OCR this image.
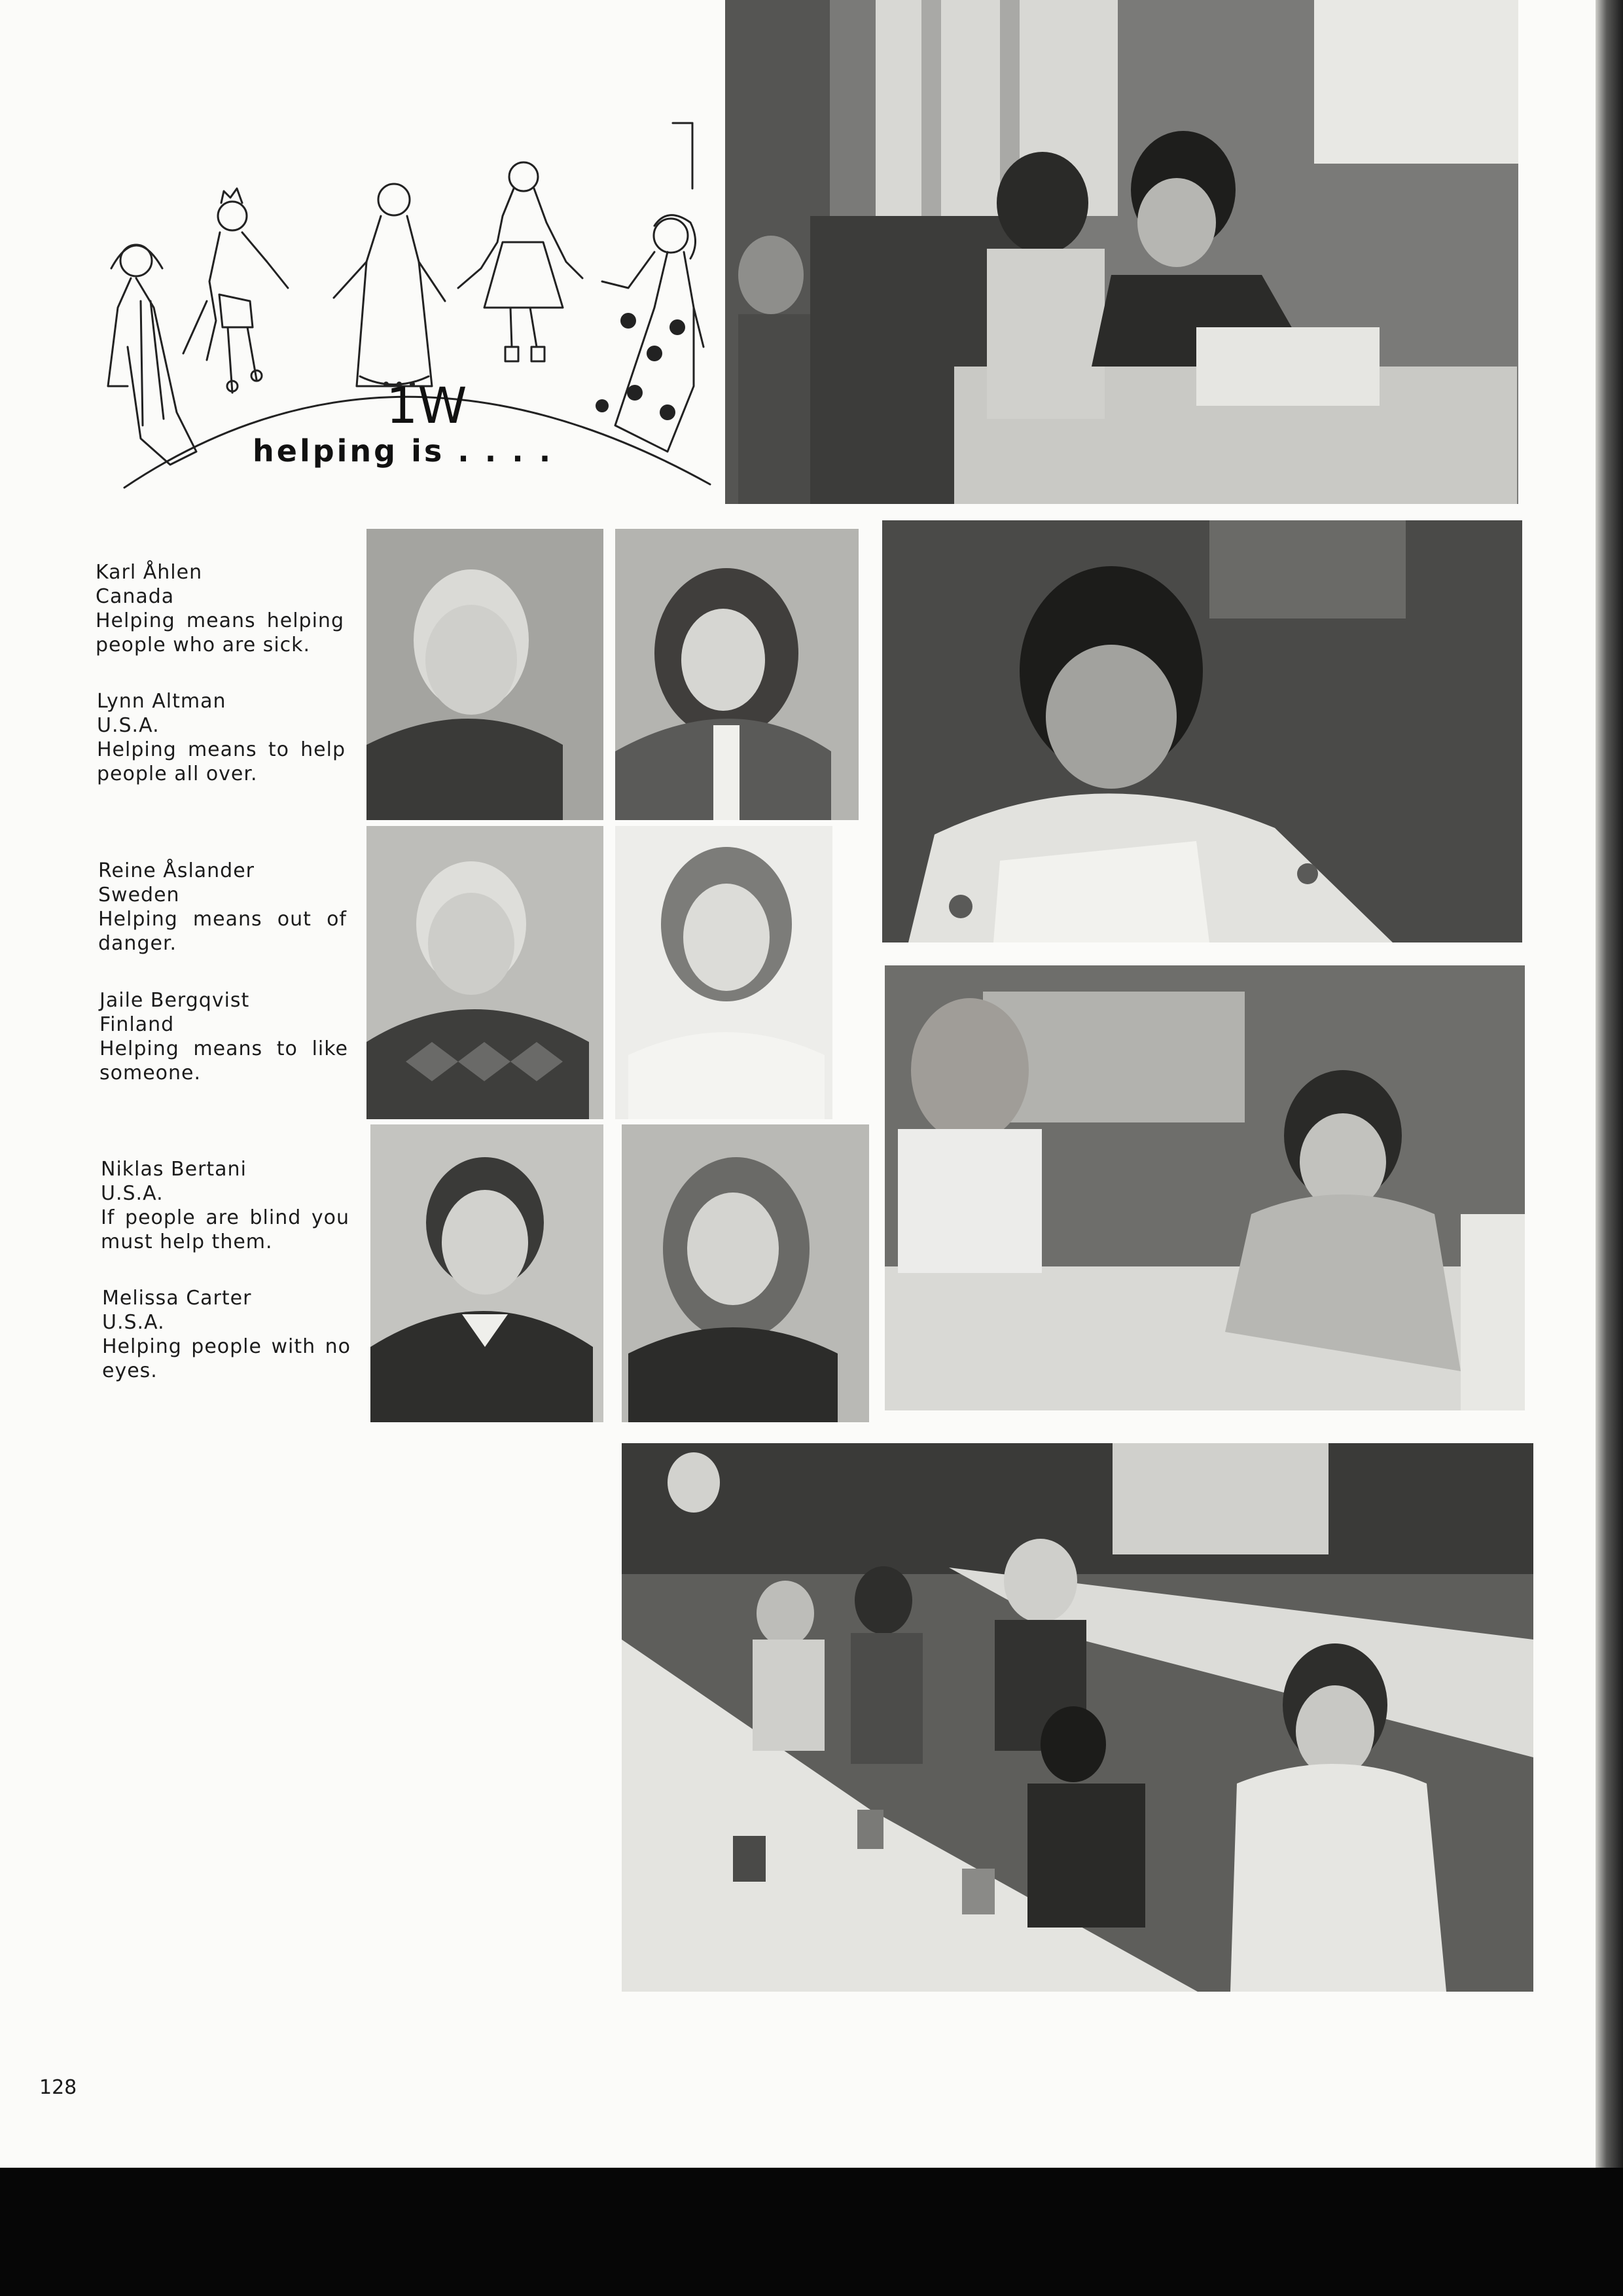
1W
helping is . . . .
Karl Åhlen
Canada
Helping means helping people who are sick.
Lynn Altman
U.S.A.
Helping means to help people all over.
Reine Åslander
Sweden
Helping means out of danger.
Jaile Bergqvist
Finland
Helping means to like someone.
Niklas Bertani
U.S.A.
If people are blind you must help them.
Melissa Carter
U.S.A.
Helping people with no eyes.
128
